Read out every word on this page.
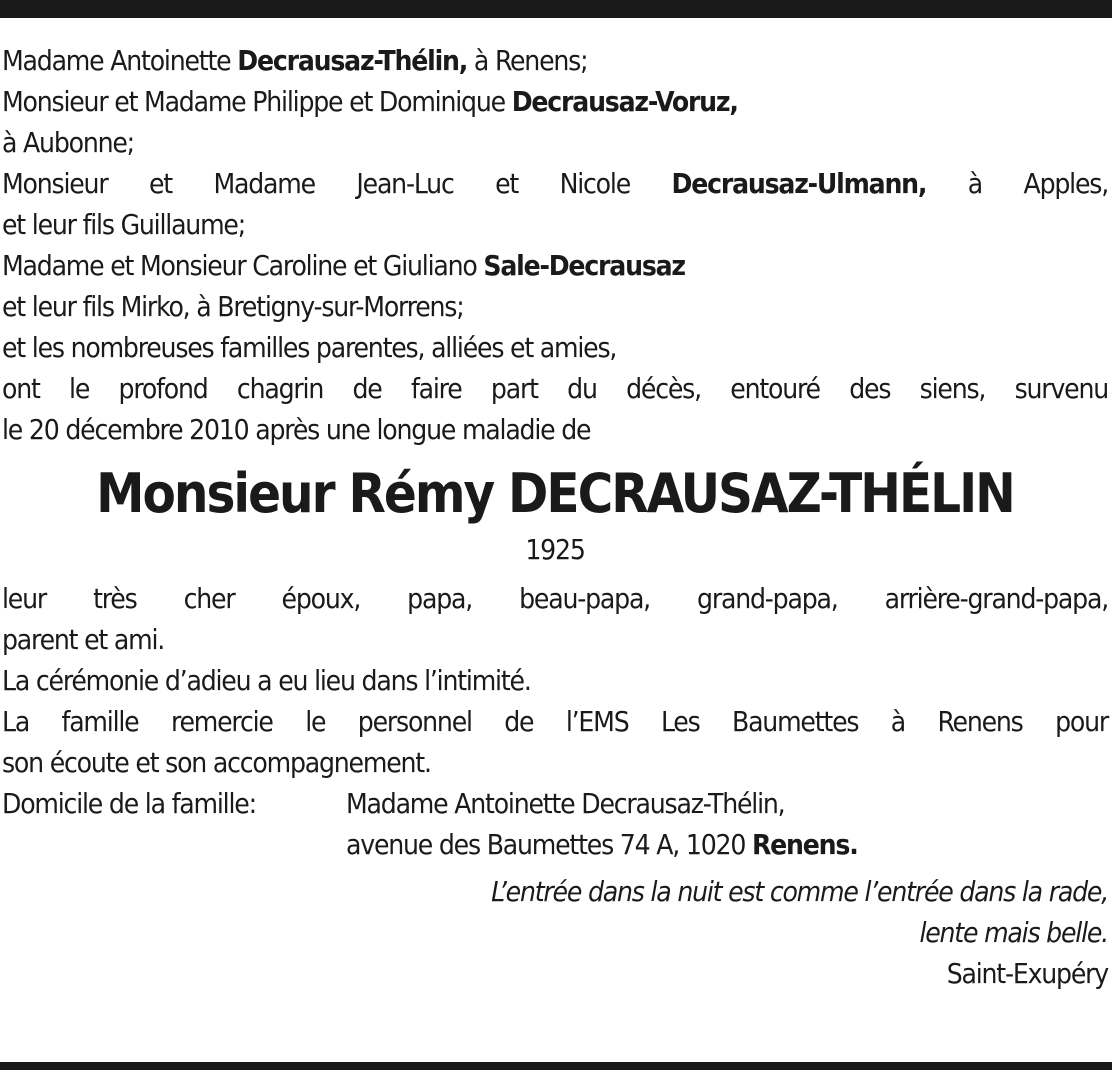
Madame Antoinette Decrausaz-Thélin, à Renens;
Monsieur et Madame Philippe et Dominique Decrausaz-Voruz,
à Aubonne;
Monsieur et Madame Jean-Luc et Nicole Decrausaz-Ulmann, à Apples,
et leur fils Guillaume;
Madame et Monsieur Caroline et Giuliano Sale-Decrausaz
et leur fils Mirko, à Bretigny-sur-Morrens;
et les nombreuses familles parentes, alliées et amies,
ont le profond chagrin de faire part du décès, entouré des siens, survenu
le 20 décembre 2010 après une longue maladie de
Monsieur Rémy DECRAUSAZ-THÉLIN
1925
leur très cher époux, papa, beau-papa, grand-papa, arrière-grand-papa,
parent et ami.
La cérémonie d’adieu a eu lieu dans l’intimité.
La famille remercie le personnel de l’EMS Les Baumettes à Renens pour
son écoute et son accompagnement.
Domicile de la famille:	Madame Antoinette Decrausaz-Thélin,
avenue des Baumettes 74 A, 1020 Renens.
L’entrée dans la nuit est comme l’entrée dans la rade,
lente mais belle.
Saint-Exupéry
